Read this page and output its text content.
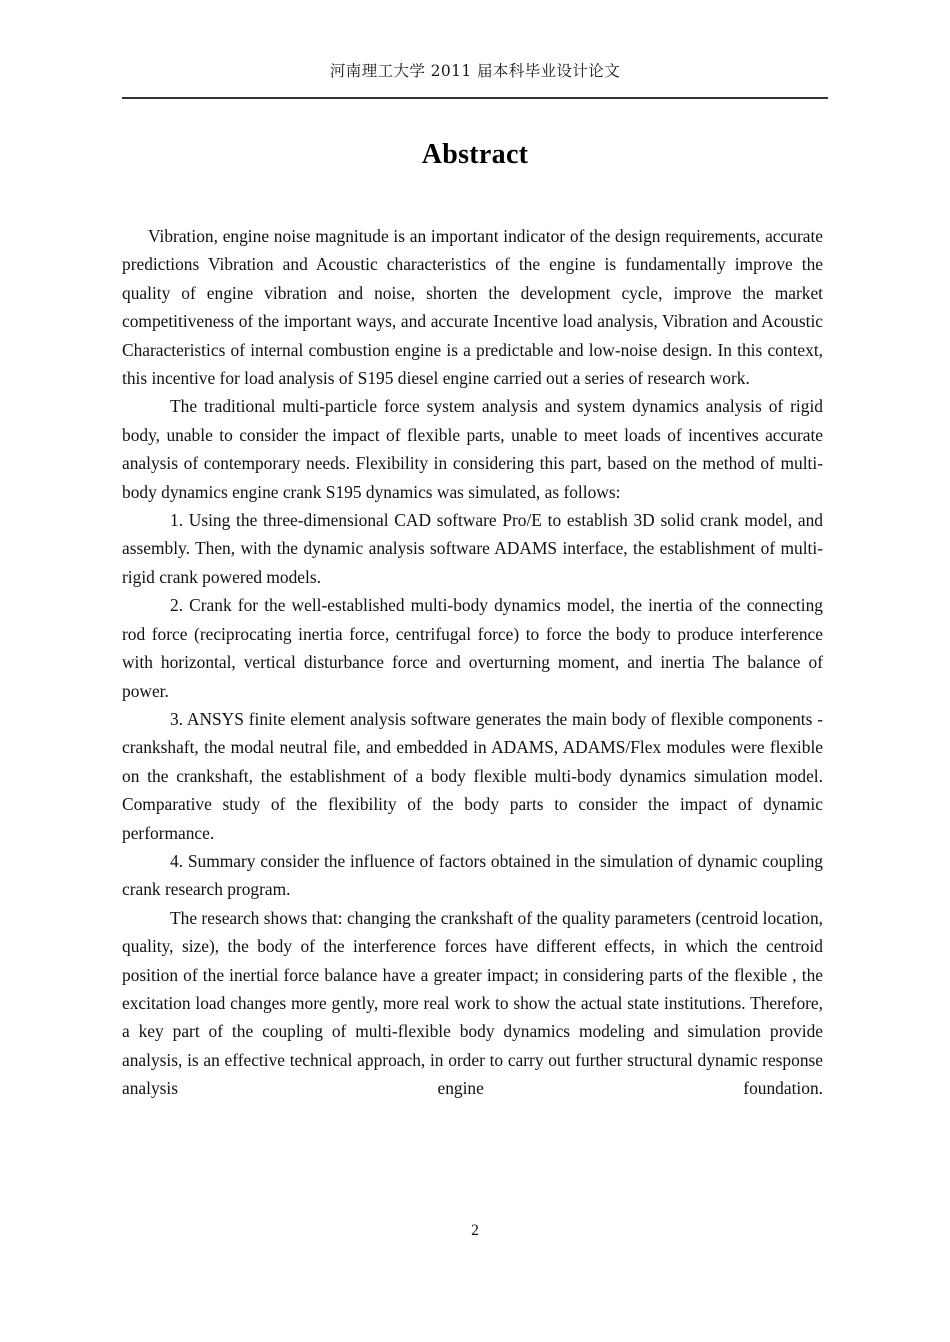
河南理工大学 2011 届本科毕业设计论文
Abstract

Vibration, engine noise magnitude is an important indicator of the design requirements, accurate predictions Vibration and Acoustic characteristics of the engine is fundamentally improve the quality of engine vibration and noise, shorten the development cycle, improve the market competitiveness of the important ways, and accurate Incentive load analysis, Vibration and Acoustic Characteristics of internal combustion engine is a predictable and low-noise design. In this context, this incentive for load analysis of S195 diesel engine carried out a series of research work.

The traditional multi-particle force system analysis and system dynamics analysis of rigid body, unable to consider the impact of flexible parts, unable to meet loads of incentives accurate analysis of contemporary needs. Flexibility in considering this part, based on the method of multi-body dynamics engine crank S195 dynamics was simulated, as follows:

1. Using the three-dimensional CAD software Pro/E to establish 3D solid crank model, and assembly. Then, with the dynamic analysis software ADAMS interface, the establishment of multi-rigid crank powered models.

2. Crank for the well-established multi-body dynamics model, the inertia of the connecting rod force (reciprocating inertia force, centrifugal force) to force the body to produce interference with horizontal, vertical disturbance force and overturning moment, and inertia The balance of power.

3. ANSYS finite element analysis software generates the main body of flexible components - crankshaft, the modal neutral file, and embedded in ADAMS, ADAMS/Flex modules were flexible on the crankshaft, the establishment of a body flexible multi-body dynamics simulation model. Comparative study of the flexibility of the body parts to consider the impact of dynamic performance.

4. Summary consider the influence of factors obtained in the simulation of dynamic coupling crank research program.

The research shows that: changing the crankshaft of the quality parameters (centroid location, quality, size), the body of the interference forces have different effects, in which the centroid position of the inertial force balance have a greater impact; in considering parts of the flexible , the excitation load changes more gently, more real work to show the actual state institutions. Therefore, a key part of the coupling of multi-flexible body dynamics modeling and simulation provide analysis, is an effective technical approach, in order to carry out further structural dynamic response analysis engine foundation.

2
